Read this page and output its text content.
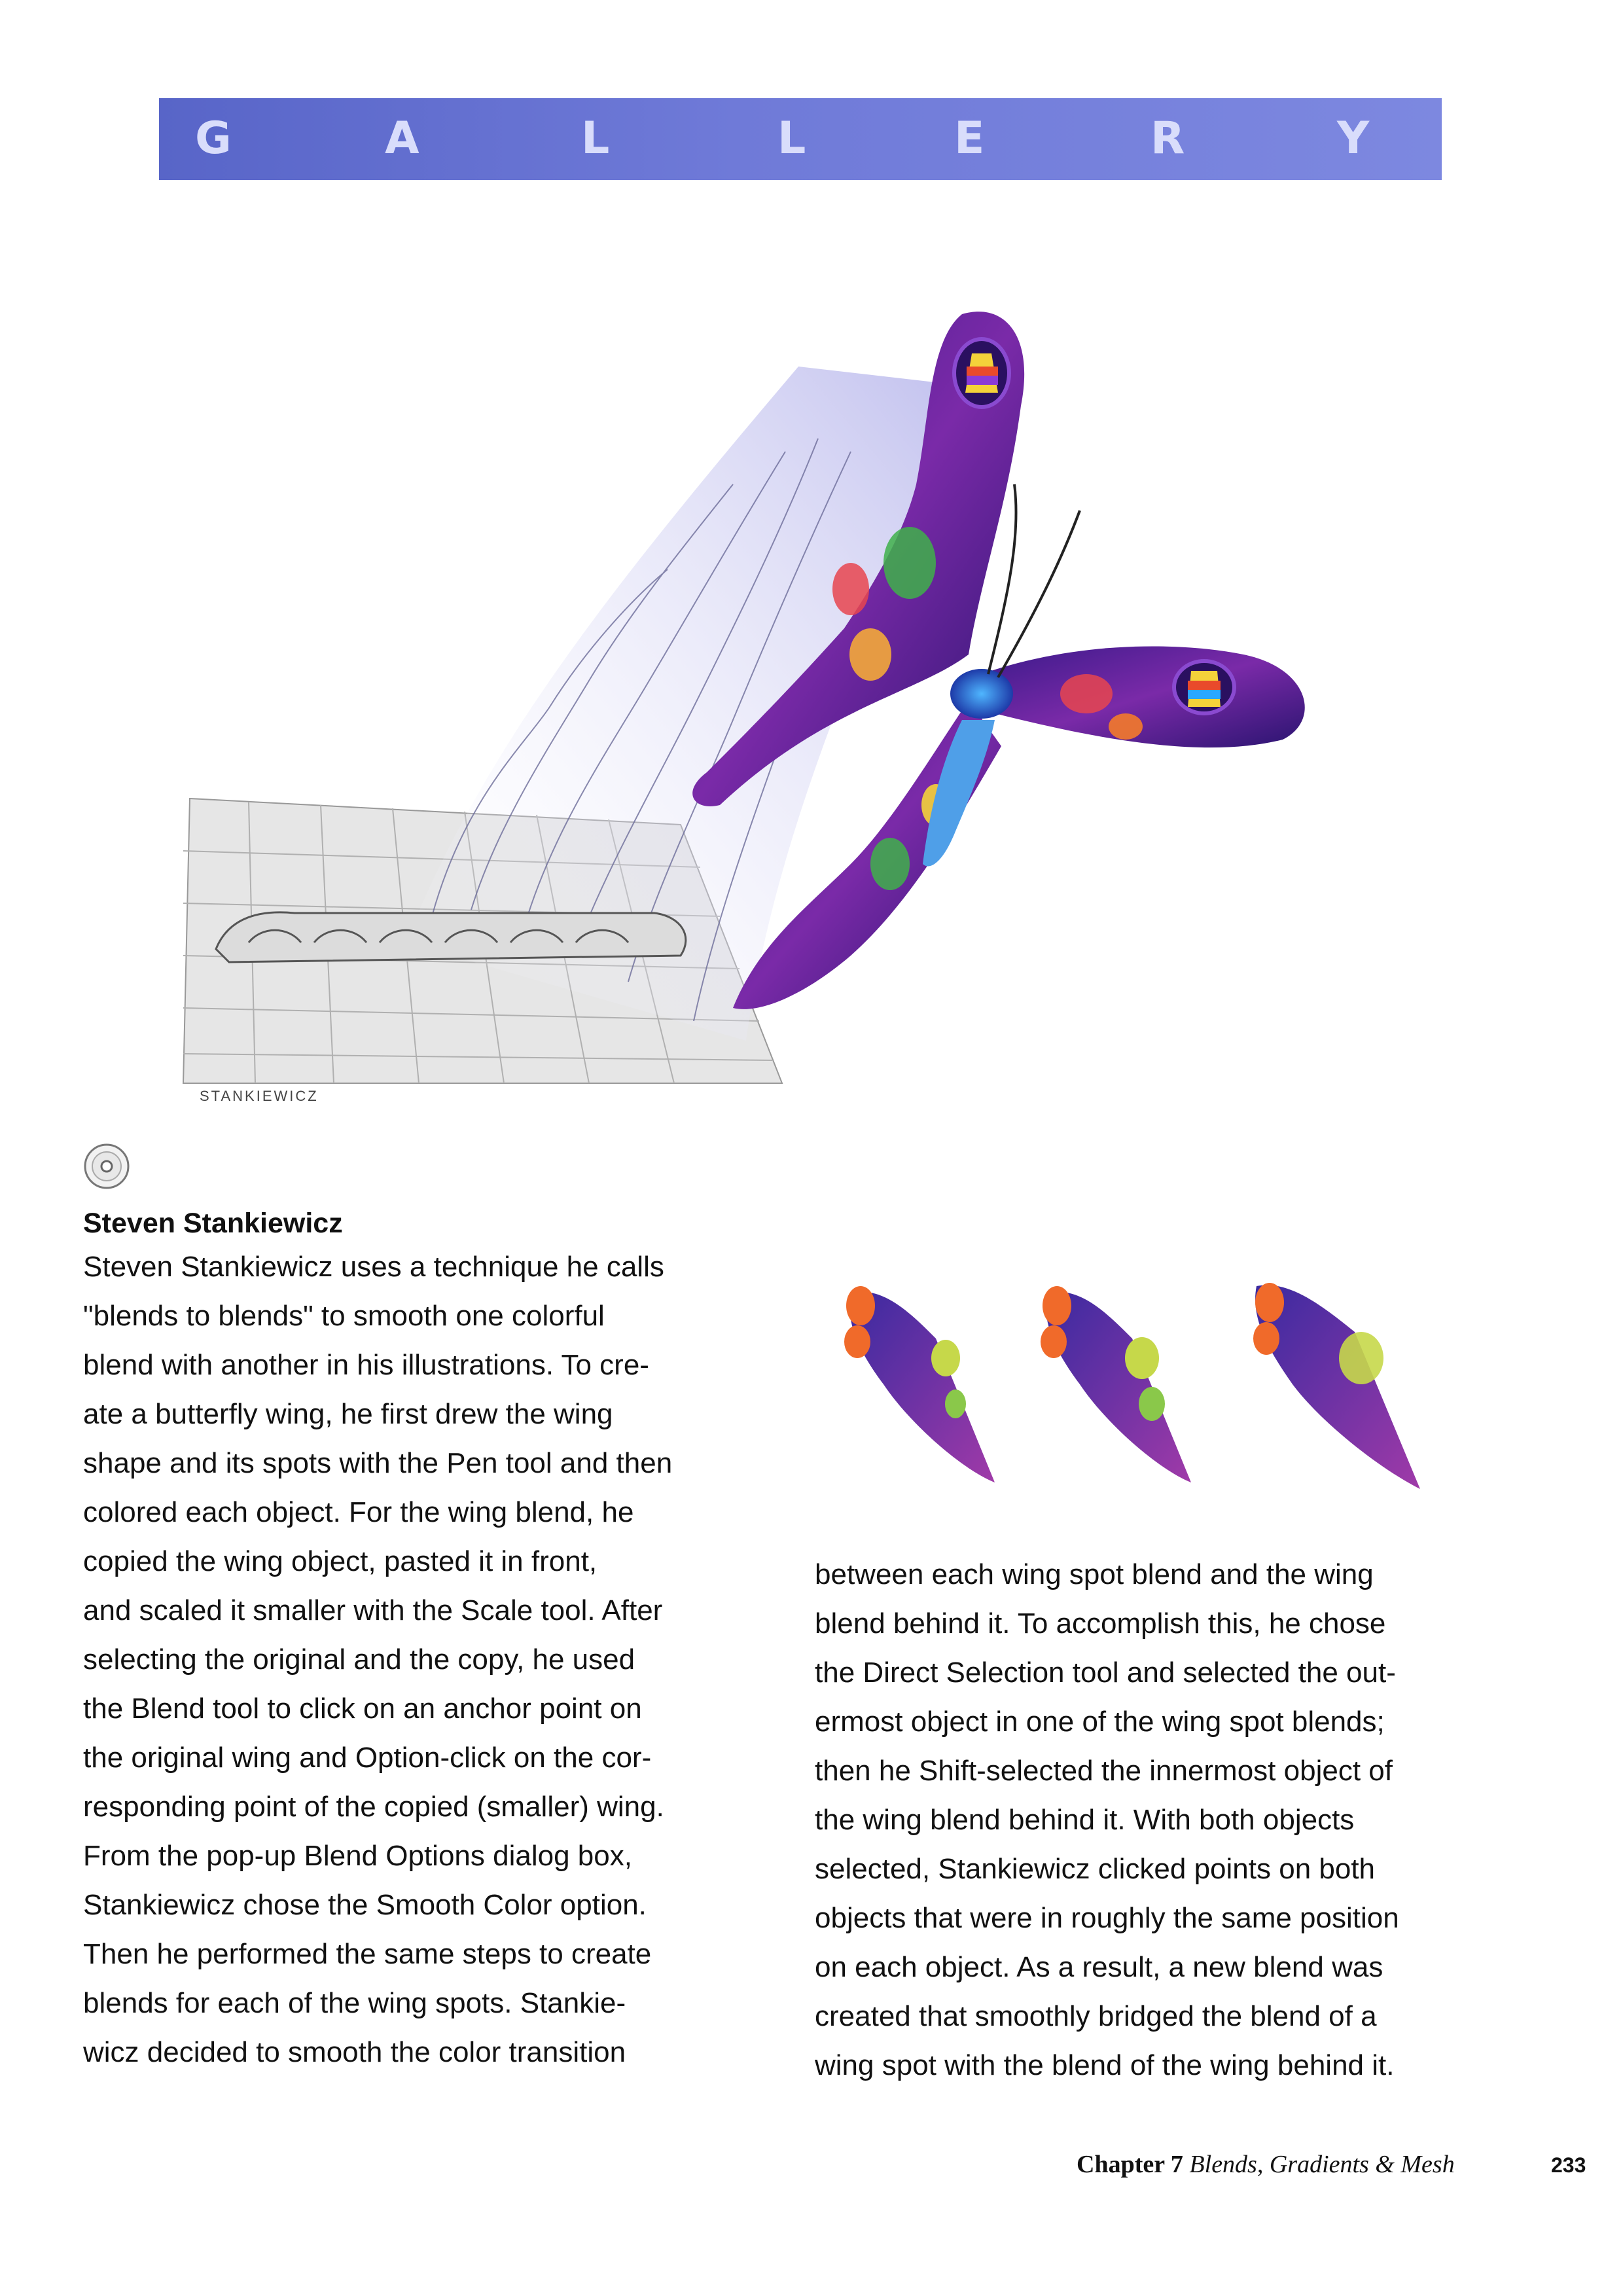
G	A	L	L	E	R	Y
STANKIEWICZ
Steven Stankiewicz
Steven Stankiewicz uses a technique he calls
"blends to blends" to smooth one colorful
blend with another in his illustrations. To cre-
ate a butterfly wing, he first drew the wing
shape and its spots with the Pen tool and then
colored each object. For the wing blend, he
copied the wing object, pasted it in front,
and scaled it smaller with the Scale tool. After
selecting the original and the copy, he used
the Blend tool to click on an anchor point on
the original wing and Option-click on the cor-
responding point of the copied (smaller) wing.
From the pop-up Blend Options dialog box,
Stankiewicz chose the Smooth Color option.
Then he performed the same steps to create
blends for each of the wing spots. Stankie-
wicz decided to smooth the color transition
between each wing spot blend and the wing
blend behind it. To accomplish this, he chose
the Direct Selection tool and selected the out-
ermost object in one of the wing spot blends;
then he Shift-selected the innermost object of
the wing blend behind it. With both objects
selected, Stankiewicz clicked points on both
objects that were in roughly the same position
on each object. As a result, a new blend was
created that smoothly bridged the blend of a
wing spot with the blend of the wing behind it.
Chapter 7 Blends, Gradients & Mesh	233
